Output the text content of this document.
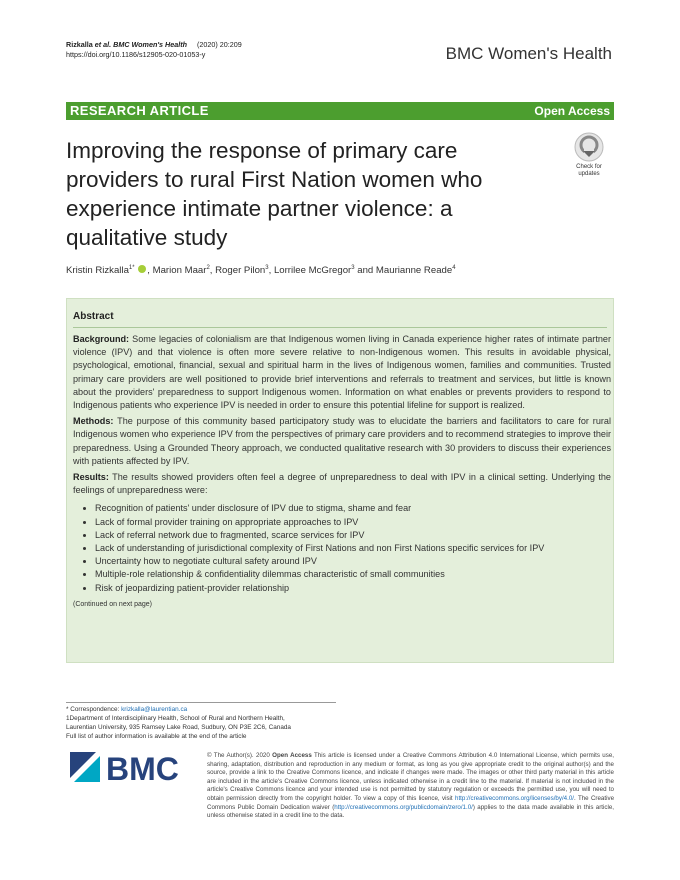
Rizkalla et al. BMC Women's Health (2020) 20:209
https://doi.org/10.1186/s12905-020-01053-y	BMC Women's Health
RESEARCH ARTICLE	Open Access
Improving the response of primary care providers to rural First Nation women who experience intimate partner violence: a qualitative study
Check for
updates
Kristin Rizkalla$^{1*}$ , Marion Maar$^2$, Roger Pilon$^3$, Lorrilee McGregor$^3$ and Maurianne Reade$^4$
Abstract

Background: Some legacies of colonialism are that Indigenous women living in Canada experience higher rates of intimate partner violence (IPV) and that violence is often more severe relative to non-Indigenous women. This results in avoidable physical, psychological, emotional, financial, sexual and spiritual harm in the lives of Indigenous women, families and communities. Trusted primary care providers are well positioned to provide brief interventions and referrals to treatment and services, but little is known about the providers' preparedness to support Indigenous women. Information on what enables or prevents providers to respond to Indigenous patients who experience IPV is needed in order to ensure this potential lifeline for support is realized.

Methods: The purpose of this community based participatory study was to elucidate the barriers and facilitators to care for rural Indigenous women who experience IPV from the perspectives of primary care providers and to recommend strategies to improve their preparedness. Using a Grounded Theory approach, we conducted qualitative research with 30 providers to discuss their experiences with patients affected by IPV.

Results: The results showed providers often feel a degree of unpreparedness to deal with IPV in a clinical setting. Underlying the feelings of unpreparedness were:

• Recognition of patients' under disclosure of IPV due to stigma, shame and fear
• Lack of formal provider training on appropriate approaches to IPV
• Lack of referral network due to fragmented, scarce services for IPV
• Lack of understanding of jurisdictional complexity of First Nations and non First Nations specific services for IPV
• Uncertainty how to negotiate cultural safety around IPV
• Multiple-role relationship & confidentiality dilemmas characteristic of small communities
• Risk of jeopardizing patient-provider relationship
(Continued on next page)
* Correspondence: krizkalla@laurentian.ca
1Department of Interdisciplinary Health, School of Rural and Northern Health,
Laurentian University, 935 Ramsey Lake Road, Sudbury, ON P3E 2C6, Canada
Full list of author information is available at the end of the article
BMC	© The Author(s). 2020 Open Access This article is licensed under a Creative Commons Attribution 4.0 International License, which permits use, sharing, adaptation, distribution and reproduction in any medium or format, as long as you give appropriate credit to the original author(s) and the source, provide a link to the Creative Commons licence, and indicate if changes were made. The images or other third party material in this article are included in the article's Creative Commons licence, unless indicated otherwise in a credit line to the material. If material is not included in the article's Creative Commons licence and your intended use is not permitted by statutory regulation or exceeds the permitted use, you will need to obtain permission directly from the copyright holder. To view a copy of this licence, visit http://creativecommons.org/licenses/by/4.0/. The Creative Commons Public Domain Dedication waiver (http://creativecommons.org/publicdomain/zero/1.0/) applies to the data made available in this article, unless otherwise stated in a credit line to the data.
